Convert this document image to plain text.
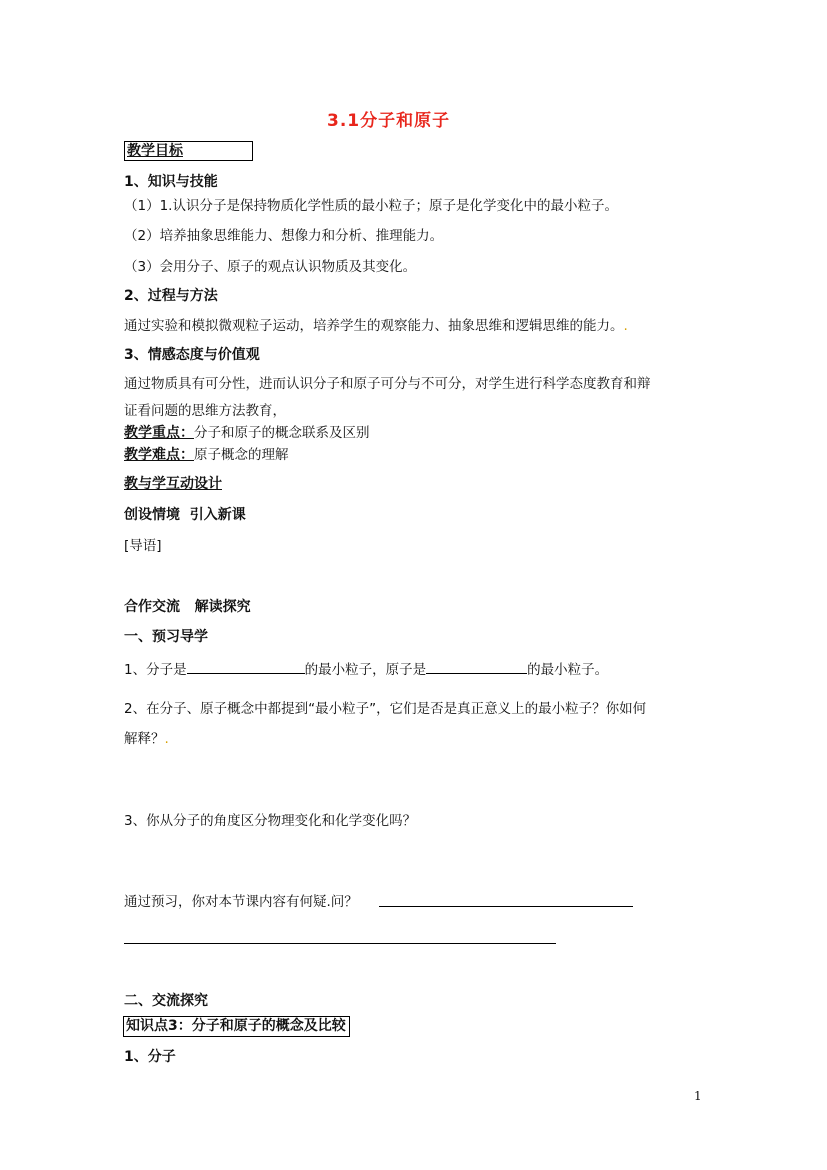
3.1分子和原子
教学目标
1、知识与技能
（1）1.认识分子是保持物质化学性质的最小粒子；原子是化学变化中的最小粒子。
（2）培养抽象思维能力、想像力和分析、推理能力。
（3）会用分子、原子的观点认识物质及其变化。
2、过程与方法
通过实验和模拟微观粒子运动，培养学生的观察能力、抽象思维和逻辑思维的能力。.
3、情感态度与价值观
通过物质具有可分性，进而认识分子和原子可分与不可分，对学生进行科学态度教育和辩
证看问题的思维方法教育，
教学重点：分子和原子的概念联系及区别
教学难点：原子概念的理解
教与学互动设计
创设情境  引入新课
[导语]
合作交流   解读探究
一、预习导学
1、分子是	的最小粒子，原子是	的最小粒子。
2、在分子、原子概念中都提到“最小粒子”，它们是否是真正意义上的最小粒子？你如何
解释？.
3、你从分子的角度区分物理变化和化学变化吗？
通过预习，你对本节课内容有何疑.问？
二、交流探究
知识点3：分子和原子的概念及比较
1、分子
1
